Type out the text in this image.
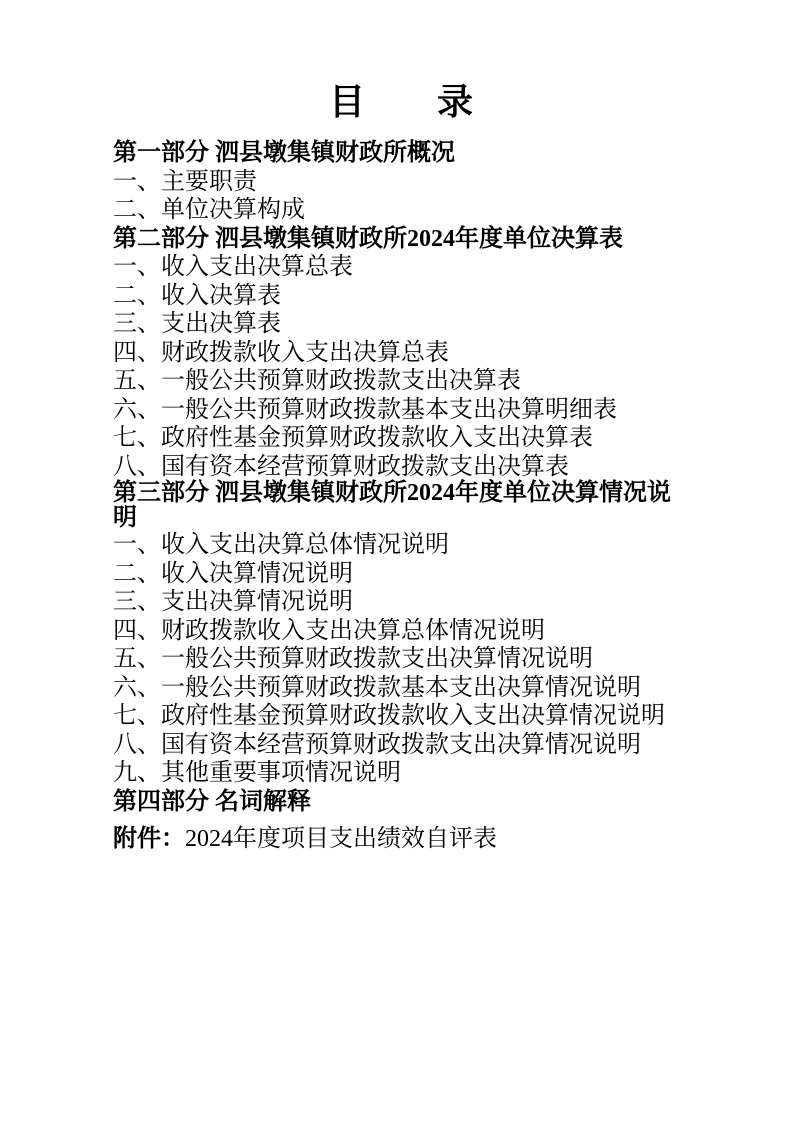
目　　录

第一部分 泗县墩集镇财政所概况

一、主要职责

二、单位决算构成

第二部分 泗县墩集镇财政所2024年度单位决算表

一、收入支出决算总表

二、收入决算表

三、支出决算表

四、财政拨款收入支出决算总表

五、一般公共预算财政拨款支出决算表

六、一般公共预算财政拨款基本支出决算明细表

七、政府性基金预算财政拨款收入支出决算表

八、国有资本经营预算财政拨款支出决算表

第三部分 泗县墩集镇财政所2024年度单位决算情况说明

一、收入支出决算总体情况说明

二、收入决算情况说明

三、支出决算情况说明

四、财政拨款收入支出决算总体情况说明

五、一般公共预算财政拨款支出决算情况说明

六、一般公共预算财政拨款基本支出决算情况说明

七、政府性基金预算财政拨款收入支出决算情况说明

八、国有资本经营预算财政拨款支出决算情况说明

九、其他重要事项情况说明

第四部分 名词解释

附件：2024年度项目支出绩效自评表
